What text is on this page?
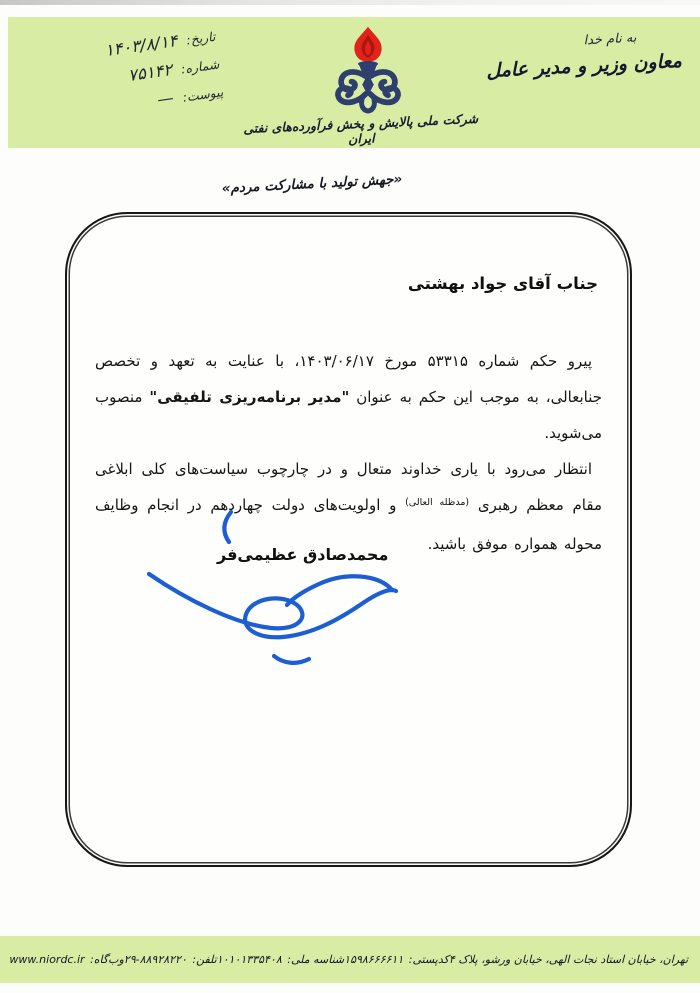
به نام خدا
معاون وزیر و مدیر عامل
شرکت ملی پالایش و پخش فرآورده‌های نفتی ایران
تاریخ: ۱۴۰۳/۸/۱۴
شماره: ۷۵۱۴۲
پیوست: —
«جهش تولید با مشارکت مردم»
جناب آقای جواد بهشتی

پیرو حکم شماره ۵۳۳۱۵ مورخ ۱۴۰۳/۰۶/۱۷، با عنایت به تعهد و تخصص جنابعالی، به موجب این حکم به عنوان "مدیر برنامه‌ریزی تلفیقی" منصوب می‌شوید.

انتظار می‌رود با یاری خداوند متعال و در چارچوب سیاست‌های کلی ابلاغی مقام معظم رهبری $^{(مدظله العالی)}$ و اولویت‌های دولت چهاردهم در انجام وظایف محوله همواره موفق باشید.

محمدصادق عظیمی‌فر
تهران، خیابان استاد نجات الهی، خیابان ورشو، پلاک ۴
کدپستی: ۱۵۹۸۶۶۶۶۱۱
شناسه ملی: ۱۰۱۰۱۳۳۵۴۰۸
تلفن: ۸۸۹۲۸۲۲۰-۲۹
وب‌گاه: www.niordc.ir
